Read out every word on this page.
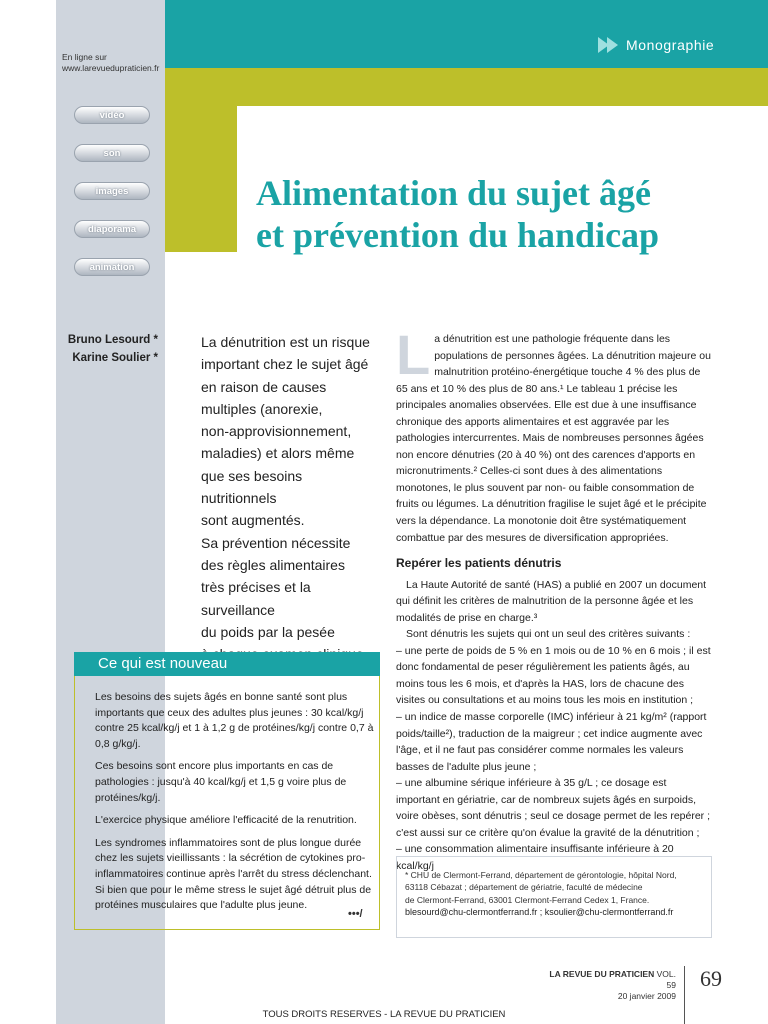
Monographie
En ligne sur
www.larevuedupraticien.fr
vidéo
son
images
diaporama
animation
Alimentation du sujet âgé
et prévention du handicap
Bruno Lesourd *
Karine Soulier *
La dénutrition est un risque
important chez le sujet âgé
en raison de causes
multiples (anorexie,
non-approvisionnement,
maladies) et alors même
que ses besoins nutritionnels
sont augmentés.
Sa prévention nécessite
des règles alimentaires
très précises et la surveillance
du poids par la pesée
Ce qui est nouveau

Les besoins des sujets âgés en bonne santé sont plus importants que ceux des adultes plus jeunes : 30 kcal/kg/j contre 25 kcal/kg/j et 1 à 1,2 g de protéines/kg/j contre 0,7 à 0,8 g/kg/j.

Ces besoins sont encore plus importants en cas de pathologies : jusqu'à 40 kcal/kg/j et 1,5 g voire plus de protéines/kg/j.

L'exercice physique améliore l'efficacité de la renutrition.

Les syndromes inflammatoires sont de plus longue durée chez les sujets vieillissants : la sécrétion de cytokines pro-inflammatoires continue après l'arrêt du stress déclenchant. Si bien que pour le même stress le sujet âgé détruit plus de protéines musculaires que l'adulte plus jeune.

•••/
L a dénutrition est une pathologie fréquente dans les populations de personnes âgées. La dénutrition majeure ou malnutrition protéino-énergétique touche 4 % des plus de 65 ans et 10 % des plus de 80 ans.¹ Le tableau 1 précise les principales anomalies observées. Elle est due à une insuffisance chronique des apports alimentaires et est aggravée par les pathologies intercurrentes. Mais de nombreuses personnes âgées non encore dénutries (20 à 40 %) ont des carences d'apports en micronutriments.² Celles-ci sont dues à des alimentations monotones, le plus souvent par non- ou faible consommation de fruits ou légumes. La dénutrition fragilise le sujet âgé et le précipite vers la dépendance. La monotonie doit être systématiquement combattue par des mesures de diversification appropriées.

Repérer les patients dénutris

La Haute Autorité de santé (HAS) a publié en 2007 un document qui définit les critères de malnutrition de la personne âgée et les modalités de prise en charge.³

Sont dénutris les sujets qui ont un seul des critères suivants :

– une perte de poids de 5 % en 1 mois ou de 10 % en 6 mois ; il est donc fondamental de peser régulièrement les patients âgés, au moins tous les 6 mois, et d'après la HAS, lors de chacune des visites ou consultations et au moins tous les mois en institution ;

– un indice de masse corporelle (IMC) inférieur à 21 kg/m² (rapport poids/taille²), traduction de la maigreur ; cet indice augmente avec l'âge, et il ne faut pas considérer comme normales les valeurs basses de l'adulte plus jeune ;

– une albumine sérique inférieure à 35 g/L ; ce dosage est important en gériatrie, car de nombreux sujets âgés en surpoids, voire obèses, sont dénutris ; seul ce dosage permet de les repérer ; c'est aussi sur ce critère qu'on évalue la gravité de la dénutrition ;

– une consommation alimentaire insuffisante inférieure à 20 kcal/kg/j

* CHU de Clermont-Ferrand, département de gérontologie, hôpital Nord,
63118 Cébazat ; département de gériatrie, faculté de médecine
de Clermont-Ferrand, 63001 Clermont-Ferrand Cedex 1, France.
blesourd@chu-clermontferrand.fr ; ksoulier@chu-clermontferrand.fr
LA REVUE DU PRATICIEN VOL. 59
20 janvier 2009
69
TOUS DROITS RESERVES - LA REVUE DU PRATICIEN
